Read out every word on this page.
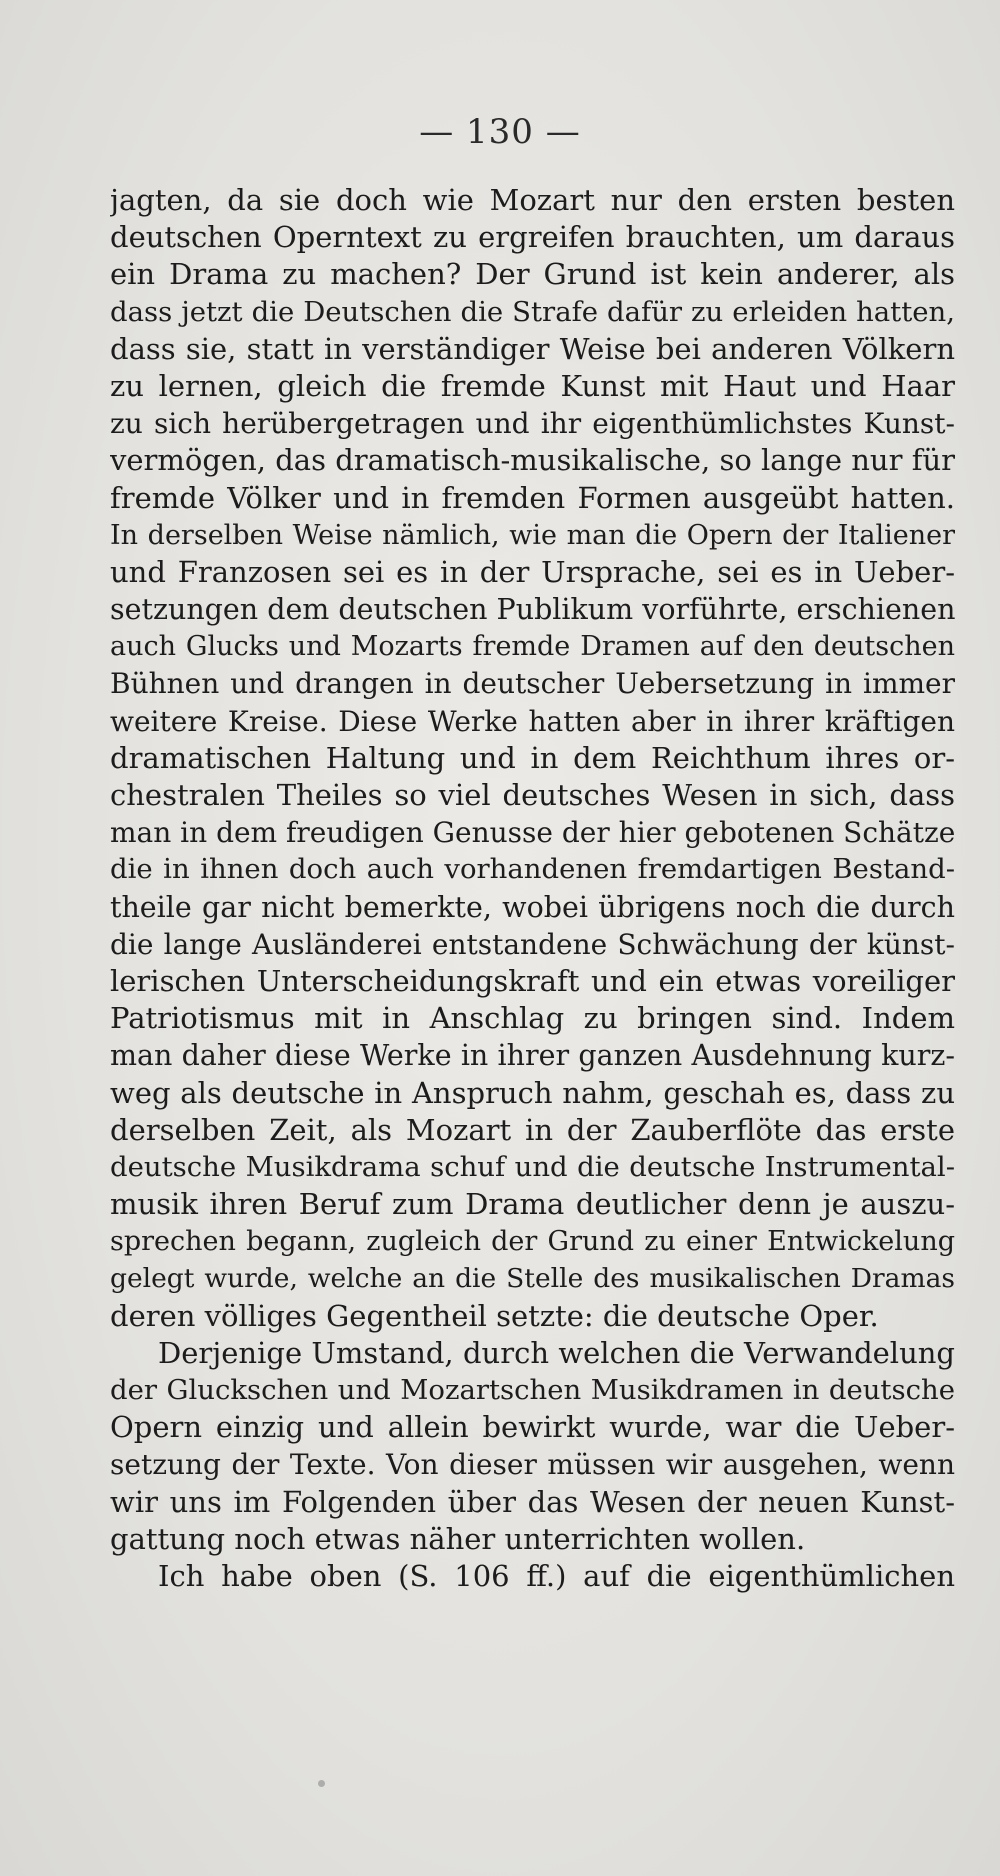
— 130 —
jagten, da sie doch wie Mozart nur den ersten besten
deutschen Operntext zu ergreifen brauchten, um daraus
ein Drama zu machen? Der Grund ist kein anderer, als
dass jetzt die Deutschen die Strafe dafür zu erleiden hatten,
dass sie, statt in verständiger Weise bei anderen Völkern
zu lernen, gleich die fremde Kunst mit Haut und Haar
zu sich herübergetragen und ihr eigenthümlichstes Kunst-
vermögen, das dramatisch-musikalische, so lange nur für
fremde Völker und in fremden Formen ausgeübt hatten.
In derselben Weise nämlich, wie man die Opern der Italiener
und Franzosen sei es in der Ursprache, sei es in Ueber-
setzungen dem deutschen Publikum vorführte, erschienen
auch Glucks und Mozarts fremde Dramen auf den deutschen
Bühnen und drangen in deutscher Uebersetzung in immer
weitere Kreise. Diese Werke hatten aber in ihrer kräftigen
dramatischen Haltung und in dem Reichthum ihres or-
chestralen Theiles so viel deutsches Wesen in sich, dass
man in dem freudigen Genusse der hier gebotenen Schätze
die in ihnen doch auch vorhandenen fremdartigen Bestand-
theile gar nicht bemerkte, wobei übrigens noch die durch
die lange Ausländerei entstandene Schwächung der künst-
lerischen Unterscheidungskraft und ein etwas voreiliger
Patriotismus mit in Anschlag zu bringen sind. Indem
man daher diese Werke in ihrer ganzen Ausdehnung kurz-
weg als deutsche in Anspruch nahm, geschah es, dass zu
derselben Zeit, als Mozart in der Zauberflöte das erste
deutsche Musikdrama schuf und die deutsche Instrumental-
musik ihren Beruf zum Drama deutlicher denn je auszu-
sprechen begann, zugleich der Grund zu einer Entwickelung
gelegt wurde, welche an die Stelle des musikalischen Dramas
deren völliges Gegentheil setzte: die deutsche Oper.
Derjenige Umstand, durch welchen die Verwandelung
der Gluckschen und Mozartschen Musikdramen in deutsche
Opern einzig und allein bewirkt wurde, war die Ueber-
setzung der Texte. Von dieser müssen wir ausgehen, wenn
wir uns im Folgenden über das Wesen der neuen Kunst-
gattung noch etwas näher unterrichten wollen.
Ich habe oben (S. 106 ff.) auf die eigenthümlichen
